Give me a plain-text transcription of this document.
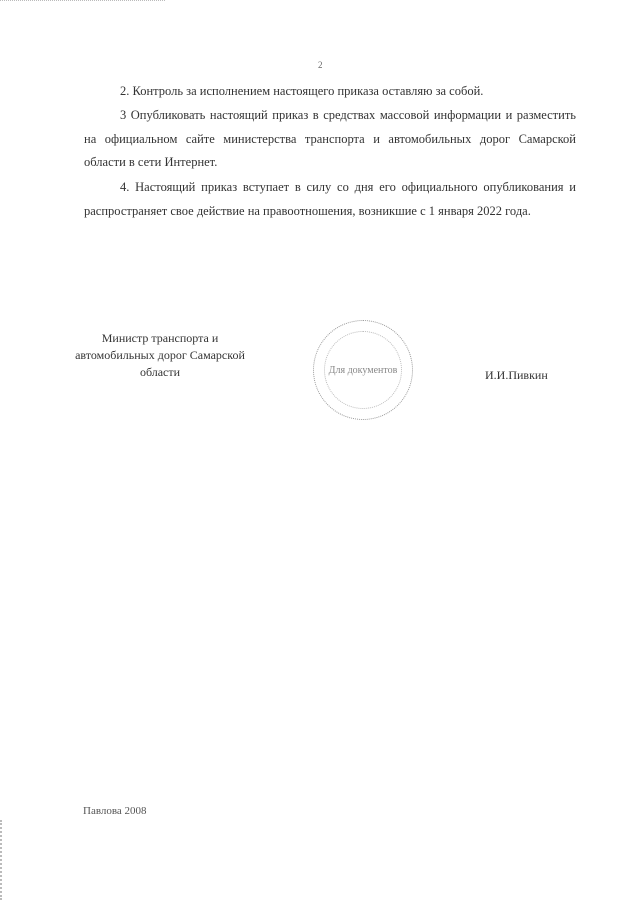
2
2. Контроль за исполнением настоящего приказа оставляю за собой.
3 Опубликовать настоящий приказ в средствах массовой информации и разместить на официальном сайте министерства транспорта и автомобильных дорог Самарской области в сети Интернет.
4. Настоящий приказ вступает в силу со дня его официального опубликования и распространяет свое действие на правоотношения, возникшие с 1 января 2022 года.
Министр транспорта и автомобильных дорог Самарской области	Для документов	И.И.Пивкин
Павлова 2008
